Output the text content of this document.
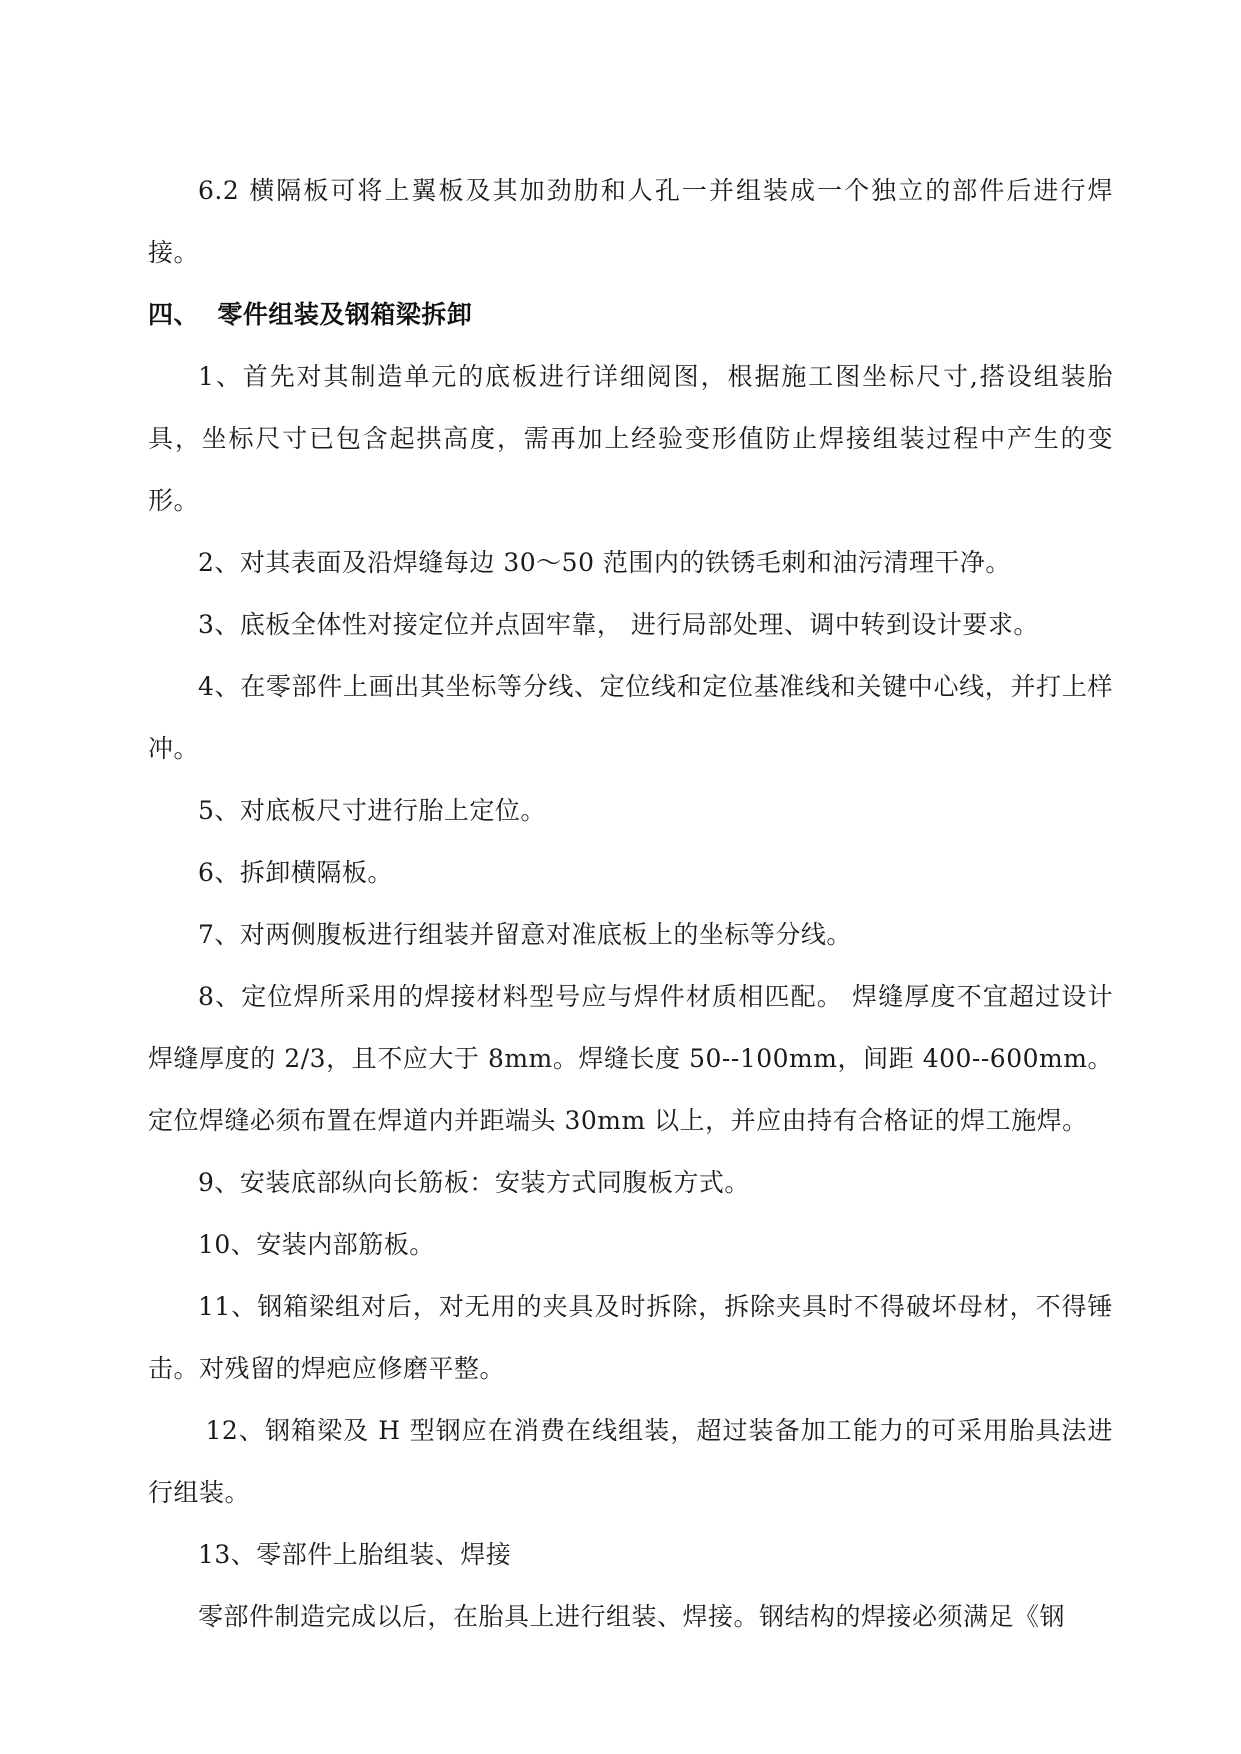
6.2 横隔板可将上翼板及其加劲肋和人孔一并组装成一个独立的部件后进行焊接。

四、  零件组装及钢箱梁拆卸

1、首先对其制造单元的底板进行详细阅图，根据施工图坐标尺寸,搭设组装胎具，坐标尺寸已包含起拱高度，需再加上经验变形值防止焊接组装过程中产生的变形。

2、对其表面及沿焊缝每边 30～50 范围内的铁锈毛刺和油污清理干净。

3、底板全体性对接定位并点固牢靠， 进行局部处理、调中转到设计要求。

4、在零部件上画出其坐标等分线、定位线和定位基准线和关键中心线，并打上样冲。

5、对底板尺寸进行胎上定位。

6、拆卸横隔板。

7、对两侧腹板进行组装并留意对准底板上的坐标等分线。

8、定位焊所采用的焊接材料型号应与焊件材质相匹配。 焊缝厚度不宜超过设计焊缝厚度的 2/3，且不应大于 8mm。焊缝长度 50--100mm，间距 400--600mm。 定位焊缝必须布置在焊道内并距端头 30mm 以上，并应由持有合格证的焊工施焊。

9、安装底部纵向长筋板：安装方式同腹板方式。

10、安装内部筋板。

11、钢箱梁组对后，对无用的夹具及时拆除，拆除夹具时不得破坏母材，不得锤击。对残留的焊疤应修磨平整。

12、钢箱梁及 H 型钢应在消费在线组装，超过装备加工能力的可采用胎具法进行组装。

13、零部件上胎组装、焊接

零部件制造完成以后，在胎具上进行组装、焊接。钢结构的焊接必须满足《钢
